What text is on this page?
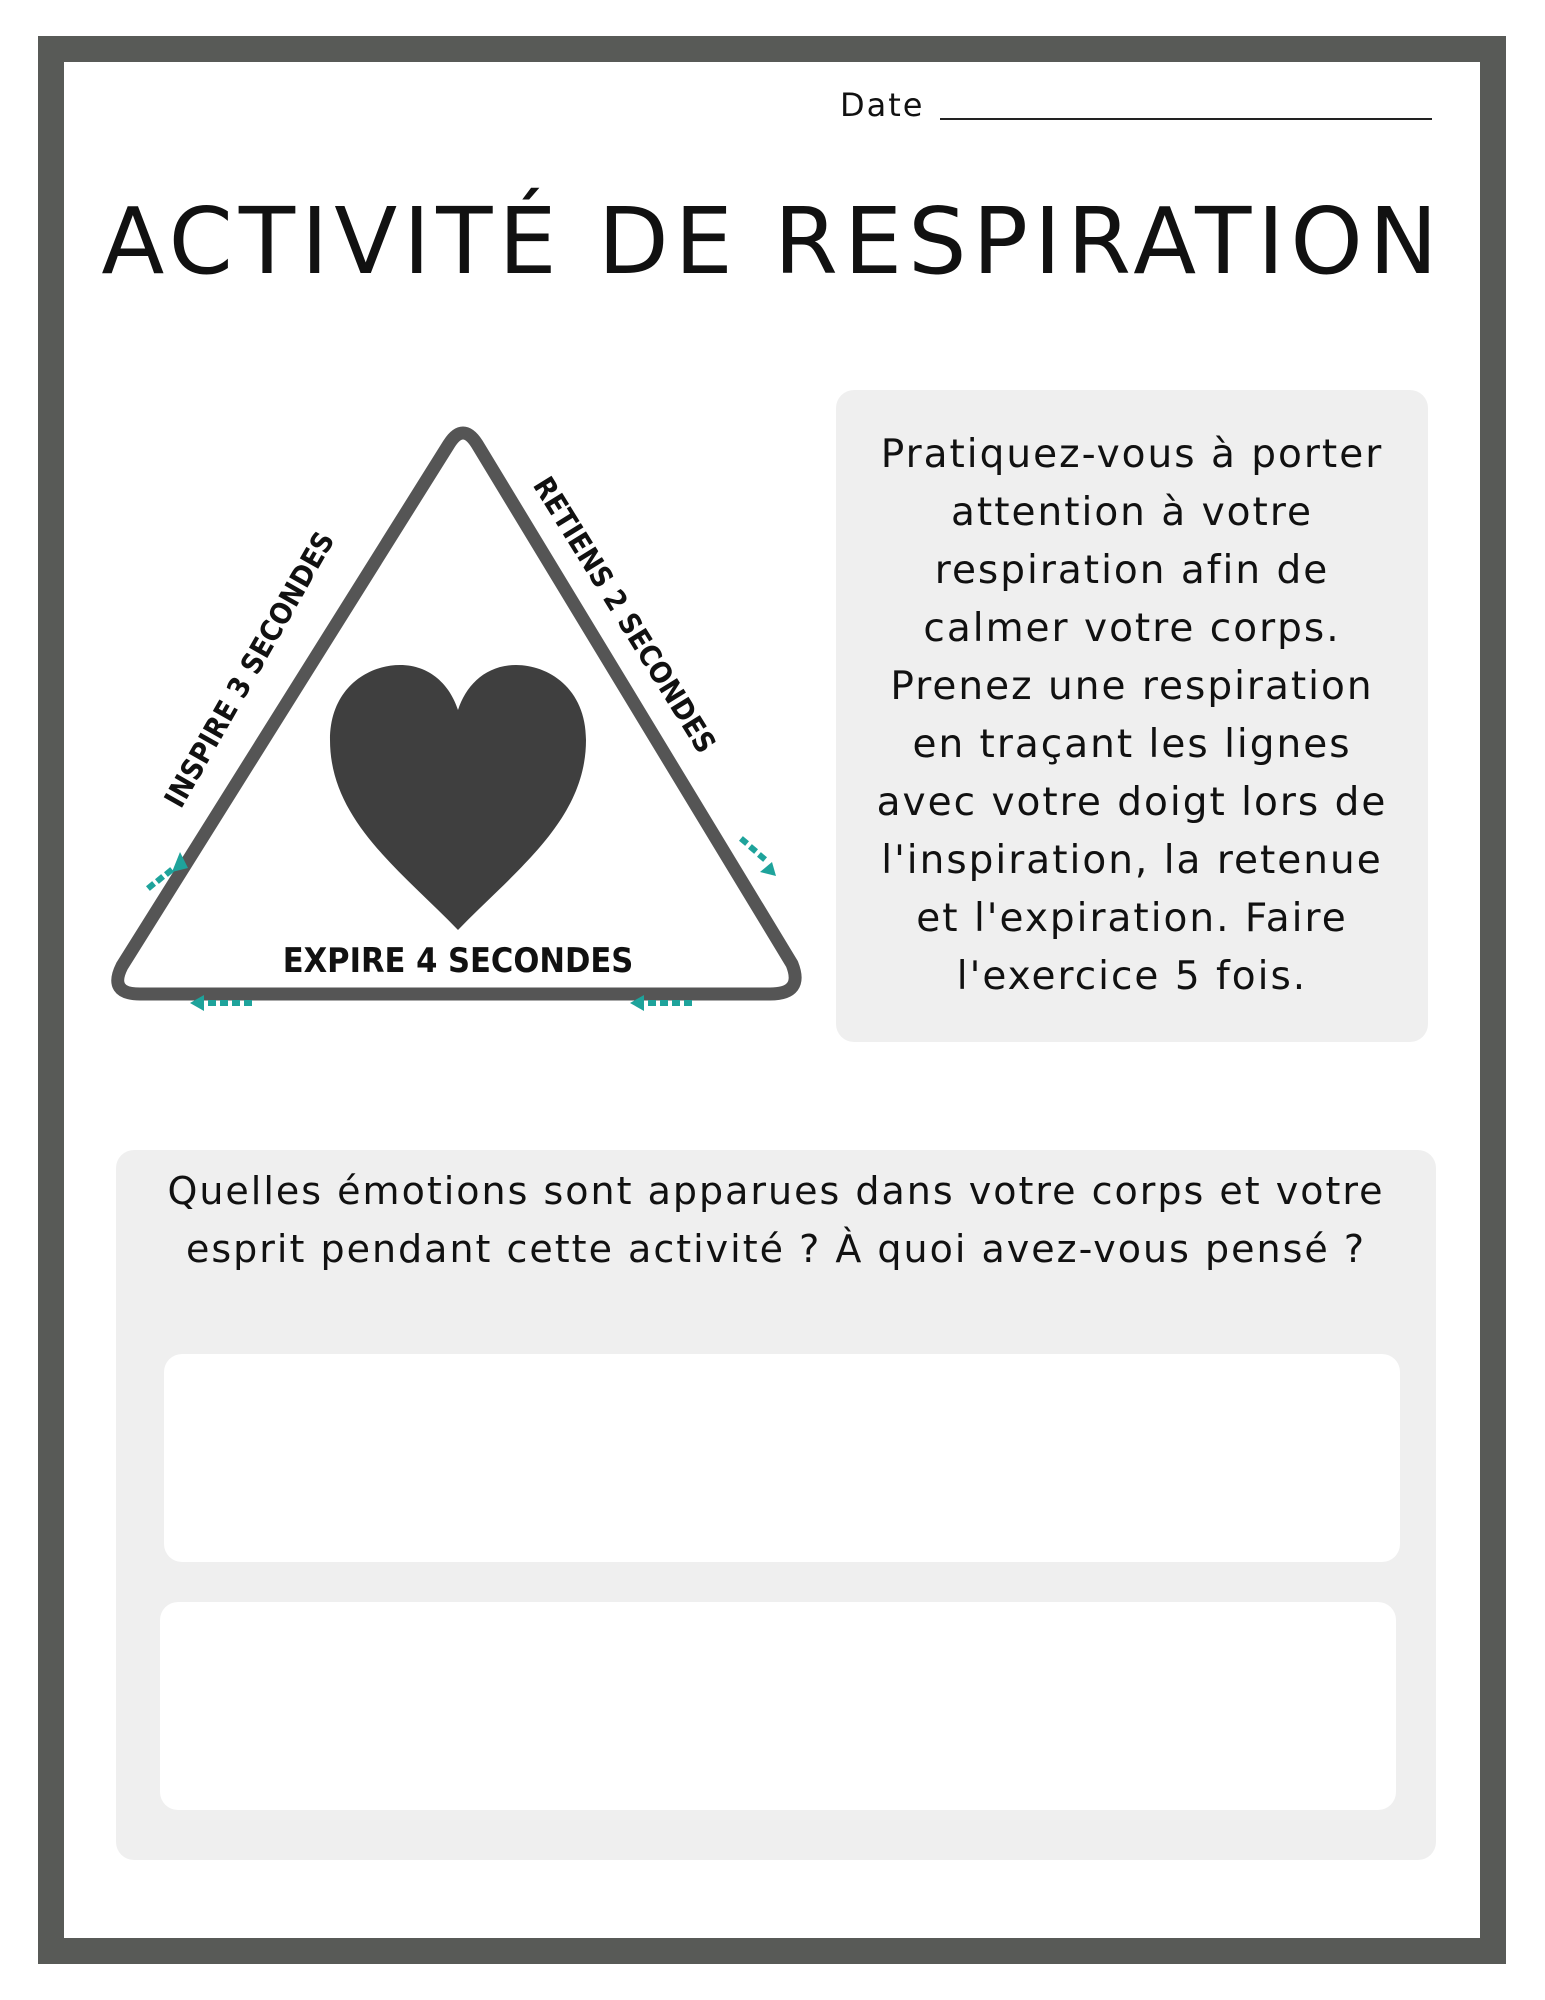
Date
ACTIVITÉ DE RESPIRATION
INSPIRE 3 SECONDES
RETIENS 2 SECONDES
EXPIRE 4 SECONDES

Pratiquez-vous à porter attention à votre respiration afin de calmer votre corps. Prenez une respiration en traçant les lignes avec votre doigt lors de l'inspiration, la retenue et l'expiration. Faire l'exercice 5 fois.

Quelles émotions sont apparues dans votre corps et votre esprit pendant cette activité ? À quoi avez-vous pensé ?
